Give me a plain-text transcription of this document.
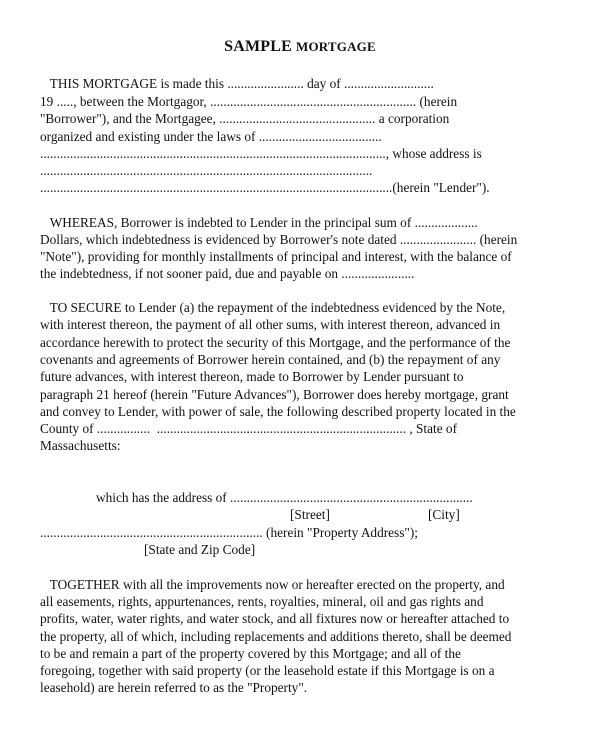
SAMPLE MORTGAGE
THIS MORTGAGE is made this ....................... day of ...........................
19 ....., between the Mortgagor, .............................................................. (herein
"Borrower"), and the Mortgagee, ............................................... a corporation
organized and existing under the laws of .....................................
........................................................................................................, whose address is
....................................................................................................
..........................................................................................................(herein "Lender").
WHEREAS, Borrower is indebted to Lender in the principal sum of ...................
Dollars, which indebtedness is evidenced by Borrower's note dated ....................... (herein
"Note"), providing for monthly installments of principal and interest, with the balance of
the indebtedness, if not sooner paid, due and payable on ......................
TO SECURE to Lender (a) the repayment of the indebtedness evidenced by the Note,
with interest thereon, the payment of all other sums, with interest thereon, advanced in
accordance herewith to protect the security of this Mortgage, and the performance of the
covenants and agreements of Borrower herein contained, and (b) the repayment of any
future advances, with interest thereon, made to Borrower by Lender pursuant to
paragraph 21 hereof (herein "Future Advances"), Borrower does hereby mortgage, grant
and convey to Lender, with power of sale, the following described property located in the
County of ................  ........................................................................... , State of
Massachusetts:
which has the address of .........................................................................
[Street]	[City]
................................................................... (herein "Property Address");
[State and Zip Code]
TOGETHER with all the improvements now or hereafter erected on the property, and
all easements, rights, appurtenances, rents, royalties, mineral, oil and gas rights and
profits, water, water rights, and water stock, and all fixtures now or hereafter attached to
the property, all of which, including replacements and additions thereto, shall be deemed
to be and remain a part of the property covered by this Mortgage; and all of the
foregoing, together with said property (or the leasehold estate if this Mortgage is on a
leasehold) are herein referred to as the "Property".
